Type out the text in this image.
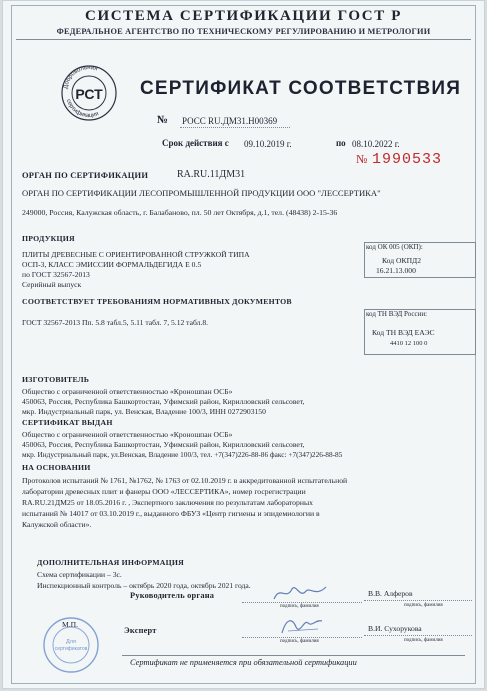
СИСТЕМА СЕРТИФИКАЦИИ ГОСТ Р
ФЕДЕРАЛЬНОЕ АГЕНТСТВО ПО ТЕХНИЧЕСКОМУ РЕГУЛИРОВАНИЮ И МЕТРОЛОГИИ
Добровольная
сертификация
РСТ СЕРТИФИКАТ СООТВЕТСТВИЯ
№ РОСС RU.ДМ31.Н00369
Срок действия с 09.10.2019 г.	по 08.10.2022 г.
№ 1990533
ОРГАН ПО СЕРТИФИКАЦИИ	RA.RU.11ДМ31
ОРГАН ПО СЕРТИФИКАЦИИ ЛЕСОПРОМЫШЛЕННОЙ ПРОДУКЦИИ ООО "ЛЕССЕРТИКА"
249000, Россия, Калужская область, г. Балабаново, пл. 50 лет Октября, д.1, тел. (48438) 2-15-36
ПРОДУКЦИЯ
ПЛИТЫ ДРЕВЕСНЫЕ С ОРИЕНТИРОВАННОЙ СТРУЖКОЙ ТИПА
ОСП-3, КЛАСС ЭМИССИИ ФОРМАЛЬДЕГИДА Е 0.5
по ГОСТ 32567-2013
Серийный выпуск
код ОК 005 (ОКП):
Код ОКПД2
16.21.13.000
СООТВЕТСТВУЕТ ТРЕБОВАНИЯМ НОРМАТИВНЫХ ДОКУМЕНТОВ
ГОСТ 32567-2013 Пп. 5.8 табл.5, 5.11 табл. 7, 5.12 табл.8.
код ТН ВЭД России:
Код ТН ВЭД ЕАЭС
4410 12 100 0
ИЗГОТОВИТЕЛЬ
Общество с ограниченной ответственностью «Кроношпан ОСБ»
450063, Россия, Республика Башкортостан, Уфимский район, Кирилловский сельсовет,
мкр. Индустриальный парк, ул. Венская, Владение 100/3, ИНН 0272903150
СЕРТИФИКАТ ВЫДАН
Общество с ограниченной ответственностью «Кроношпан ОСБ»
450063, Россия, Республика Башкортостан, Уфимский район, Кирилловский сельсовет,
мкр. Индустриальный парк, ул.Венская, Владение 100/3, тел. +7(347)226-88-86 факс: +7(347)226-88-85
НА ОСНОВАНИИ
Протоколов испытаний № 1761, №1762, № 1763 от 02.10.2019 г. в аккредитованной испытательной
лаборатории древесных плит и фанеры ООО «ЛЕССЕРТИКА», номер госрегистрации
RA.RU.21ДМ25 от 18.05.2016 г. , Экспертного заключения по результатам лабораторных
испытаний № 14017 от 03.10.2019 г., выданного ФБУЗ «Центр гигиены и эпидемиологии в
Калужской области».
ДОПОЛНИТЕЛЬНАЯ ИНФОРМАЦИЯ
Схема сертификации – 3с.
Инспекционный контроль – октябрь 2020 года, октябрь 2021 года.
Для
сертификатов
М.П.
Руководитель органа
подпись, фамилия
В.В. Алферов
подпись, фамилия
Эксперт
подпись, фамилия
В.И. Сухорукова
подпись, фамилия
Сертификат не применяется при обязательной сертификации
